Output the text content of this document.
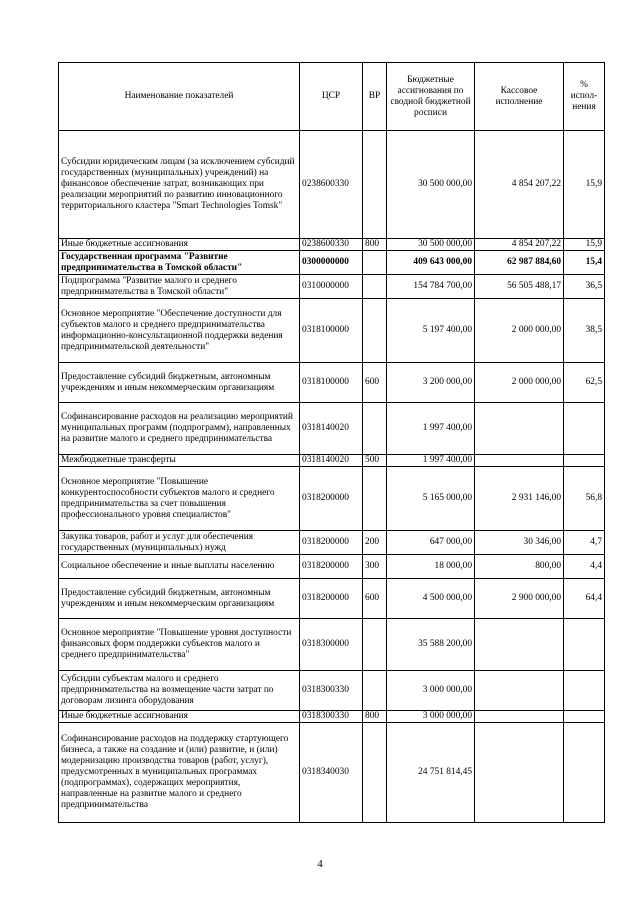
Наименование показателей	ЦСР	ВР	Бюджетные ассигнования по сводной бюджетной росписи	Кассовое исполнение	% испол-нения
Субсидии юридическим лицам (за исключением субсидий государственных (муниципальных) учреждений) на финансовое обеспечение затрат, возникающих при реализации мероприятий по развитию инновационного территориального кластера "Smart Technologies Tomsk"	0238600330		30 500 000,00	4 854 207,22	15,9
Иные бюджетные ассигнования	0238600330	800	30 500 000,00	4 854 207,22	15,9
Государственная программа "Развитие предпринимательства в Томской области"	0300000000		409 643 000,00	62 987 884,60	15,4
Подпрограмма "Развитие малого и среднего предпринимательства в Томской области"	0310000000		154 784 700,00	56 505 488,17	36,5
Основное мероприятие "Обеспечение доступности для субъектов малого и среднего предпринимательства информационно-консультационной поддержки ведения предпринимательской деятельности"	0318100000		5 197 400,00	2 000 000,00	38,5
Предоставление субсидий бюджетным, автономным учреждениям и иным некоммерческим организациям	0318100000	600	3 200 000,00	2 000 000,00	62,5
Софинансирование расходов на реализацию мероприятий муниципальных программ (подпрограмм), направленных на развитие малого и среднего предпринимательства	0318140020		1 997 400,00		
Межбюджетные трансферты	0318140020	500	1 997 400,00		
Основное мероприятие "Повышение конкурентоспособности субъектов малого и среднего предпринимательства за счет повышения профессионального уровня специалистов"	0318200000		5 165 000,00	2 931 146,00	56,8
Закупка товаров, работ и услуг для обеспечения государственных (муниципальных) нужд	0318200000	200	647 000,00	30 346,00	4,7
Социальное обеспечение и иные выплаты населению	0318200000	300	18 000,00	800,00	4,4
Предоставление субсидий бюджетным, автономным учреждениям и иным некоммерческим организациям	0318200000	600	4 500 000,00	2 900 000,00	64,4
Основное мероприятие "Повышение уровня доступности финансовых форм поддержки субъектов малого и среднего предпринимательства"	0318300000		35 588 200,00		
Субсидии субъектам малого и среднего предпринимательства на возмещение части затрат по договорам лизинга оборудования	0318300330		3 000 000,00		
Иные бюджетные ассигнования	0318300330	800	3 000 000,00		
Софинансирование расходов на поддержку стартующего бизнеса, а также на создание и (или) развитие, и (или) модернизацию производства товаров (работ, услуг), предусмотренных в муниципальных программах (подпрограммах), содержащих мероприятия, направленные на развитие малого и среднего предпринимательства	0318340030		24 751 814,45		
4
